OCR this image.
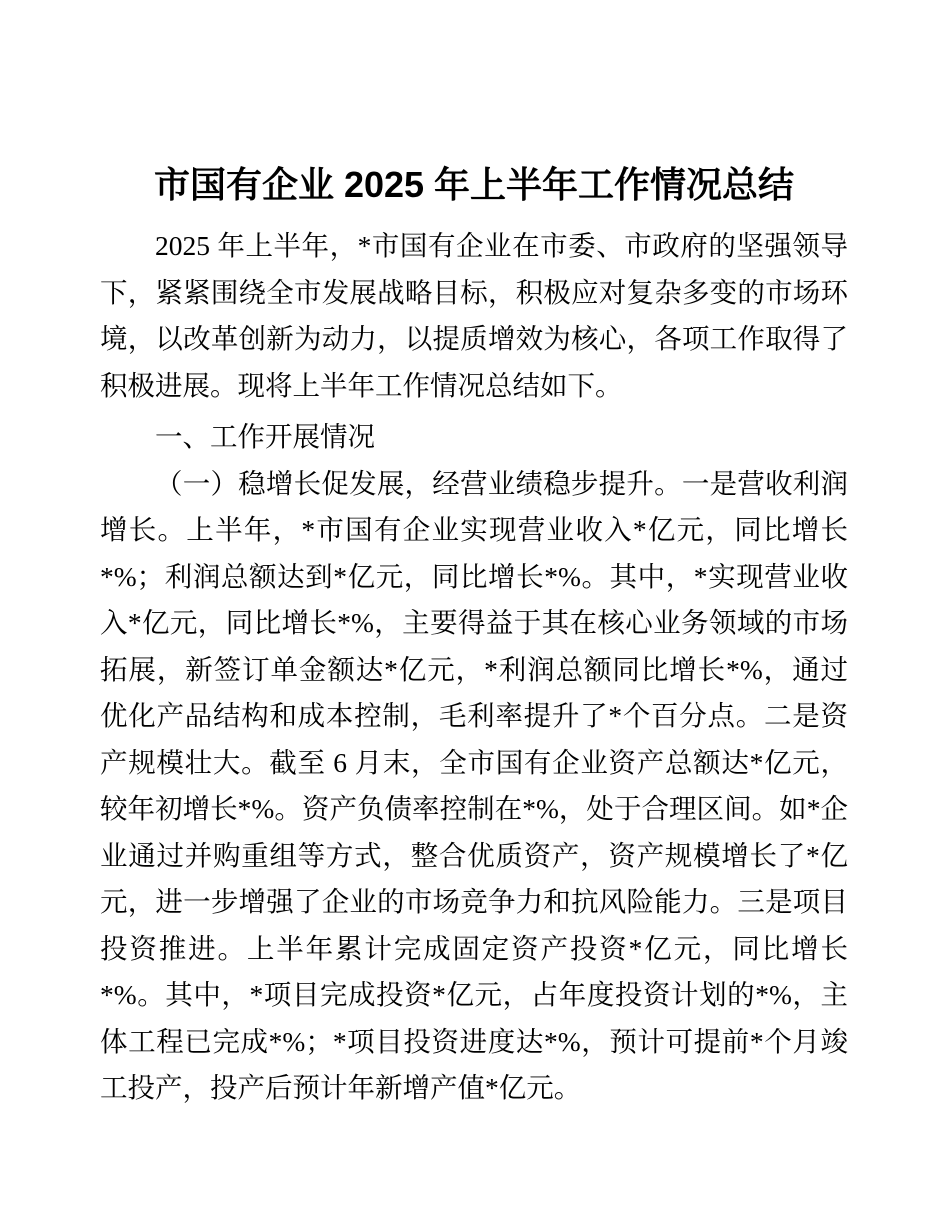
市国有企业 2025 年上半年工作情况总结

2025 年上半年，*市国有企业在市委、市政府的坚强领导下，紧紧围绕全市发展战略目标，积极应对复杂多变的市场环境，以改革创新为动力，以提质增效为核心，各项工作取得了积极进展。现将上半年工作情况总结如下。

一、工作开展情况

（一）稳增长促发展，经营业绩稳步提升。一是营收利润增长。上半年，*市国有企业实现营业收入*亿元，同比增长*%；利润总额达到*亿元，同比增长*%。其中，*实现营业收入*亿元，同比增长*%，主要得益于其在核心业务领域的市场拓展，新签订单金额达*亿元，*利润总额同比增长*%，通过优化产品结构和成本控制，毛利率提升了*个百分点。二是资产规模壮大。截至 6 月末，全市国有企业资产总额达*亿元，较年初增长*%。资产负债率控制在*%，处于合理区间。如*企业通过并购重组等方式，整合优质资产，资产规模增长了*亿元，进一步增强了企业的市场竞争力和抗风险能力。三是项目投资推进。上半年累计完成固定资产投资*亿元，同比增长*%。其中，*项目完成投资*亿元，占年度投资计划的*%，主体工程已完成*%；*项目投资进度达*%，预计可提前*个月竣工投产，投产后预计年新增产值*亿元。
